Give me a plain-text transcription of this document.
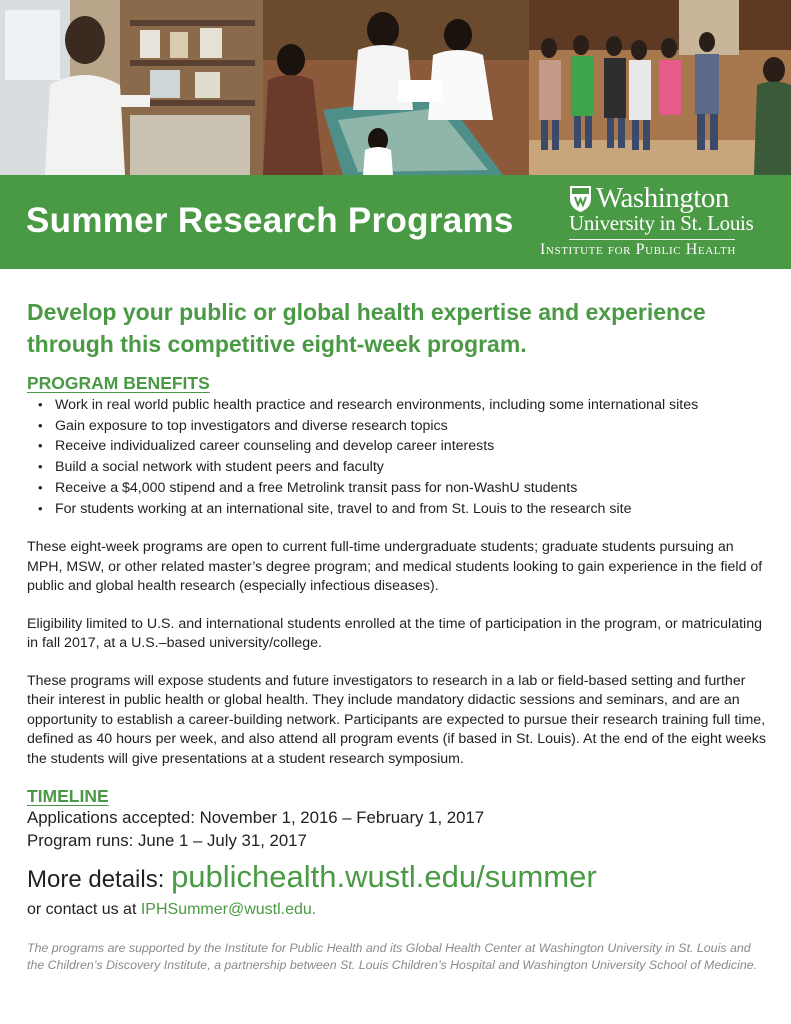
Summer Research Programs
Washington
University in St. Louis
Institute for Public Health
Develop your public or global health expertise and experience
through this competitive eight-week program.
PROGRAM BENEFITS
• Work in real world public health practice and research environments, including some international sites
• Gain exposure to top investigators and diverse research topics
• Receive individualized career counseling and develop career interests
• Build a social network with student peers and faculty
• Receive a $4,000 stipend and a free Metrolink transit pass for non-WashU students
• For students working at an international site, travel to and from St. Louis to the research site

These eight-week programs are open to current full-time undergraduate students; graduate students pursuing an MPH, MSW, or other related master’s degree program; and medical students looking to gain experience in the field of public and global health research (especially infectious diseases).

Eligibility limited to U.S. and international students enrolled at the time of participation in the program, or matriculating in fall 2017, at a U.S.–based university/college.

These programs will expose students and future investigators to research in a lab or field-based setting and further their interest in public health or global health. They include mandatory didactic sessions and seminars, and are an opportunity to establish a career-building network. Participants are expected to pursue their research training full time, defined as 40 hours per week, and also attend all program events (if based in St. Louis). At the end of the eight weeks the students will give presentations at a student research symposium.

TIMELINE
Applications accepted: November 1, 2016 – February 1, 2017
Program runs: June 1 – July 31, 2017
More details: publichealth.wustl.edu/summer
or contact us at IPHSummer@wustl.edu.

The programs are supported by the Institute for Public Health and its Global Health Center at Washington University in St. Louis and the Children’s Discovery Institute, a partnership between St. Louis Children’s Hospital and Washington University School of Medicine.
